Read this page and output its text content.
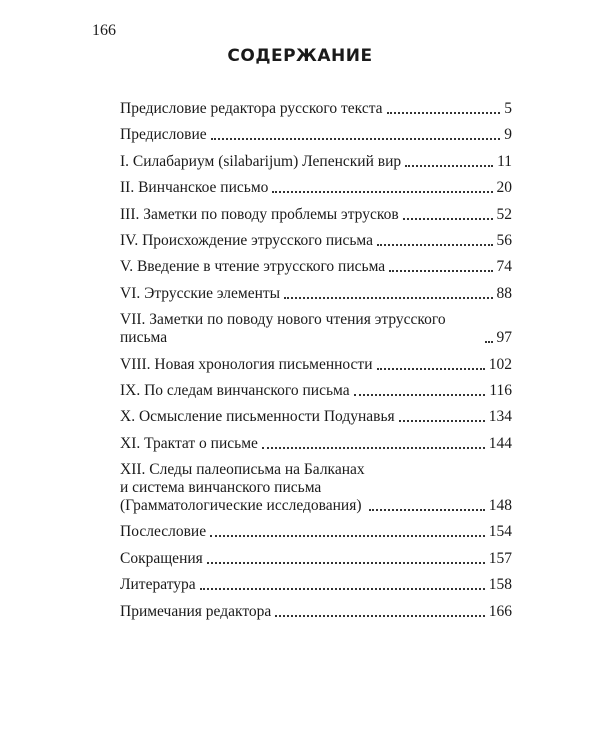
166
СОДЕРЖАНИЕ
Предисловие редактора русского текста	5
Предисловие	9
I. Силабариум (silabarijum) Лепенский вир	11
II. Винчанское письмо	20
III. Заметки по поводу проблемы этрусков	52
IV. Происхождение этрусского письма	56
V. Введение в чтение этрусского письма	74
VI. Этрусские элементы	88
VII. Заметки по поводу нового чтения этрусского письма	97
VIII. Новая хронология письменности	102
IX. По следам винчанского письма	116
X. Осмысление письменности Подунавья	134
XI. Трактат о письме	144
XII. Следы палеописьма на Балканах
и система винчанского письма
(Грамматологические исследования)	148
Послесловие	154
Сокращения	157
Литература	158
Примечания редактора	166
